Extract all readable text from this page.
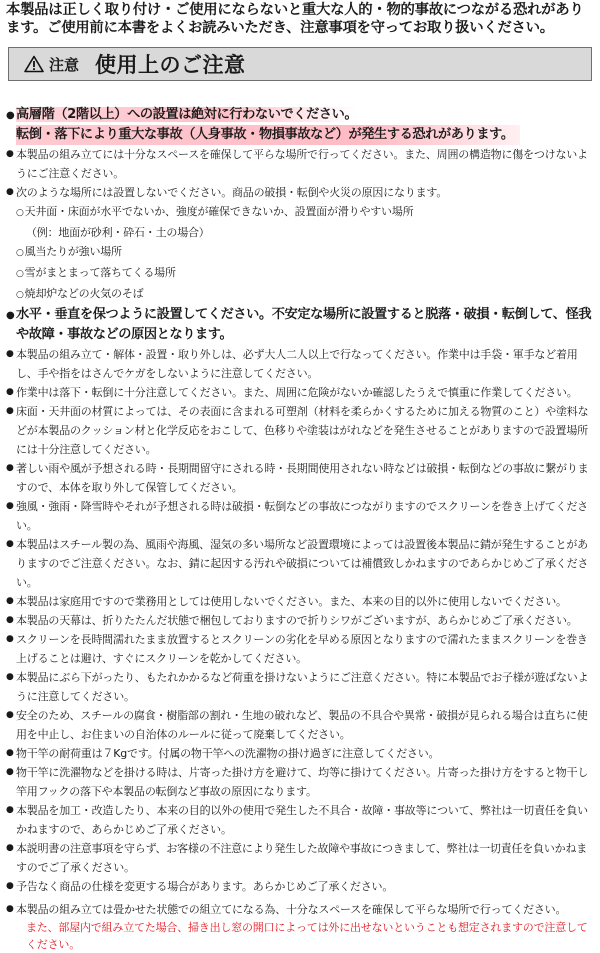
本製品は正しく取り付け・ご使用にならないと重大な人的・物的事故につながる恐れがあります。ご使用前に本書をよくお読みいただき、注意事項を守ってお取り扱いください。
注意 使用上のご注意
● 高層階（2階以上）への設置は絶対に行わないでください。
転倒・落下により重大な事故（人身事故・物損事故など）が発生する恐れがあります。
● 本製品の組み立てには十分なスペースを確保して平らな場所で行ってください。また、周囲の構造物に傷をつけないようにご注意ください。
● 次のような場所には設置しないでください。商品の破損・転倒や火災の原因になります。
○天井面・床面が水平でないか、強度が確保できないか、設置面が滑りやすい場所
（例：地面が砂利・砕石・土の場合）
○風当たりが強い場所
○雪がまとまって落ちてくる場所
○焼却炉などの火気のそば
● 水平・垂直を保つように設置してください。不安定な場所に設置すると脱落・破損・転倒して、怪我や故障・事故などの原因となります。
● 本製品の組み立て・解体・設置・取り外しは、必ず大人二人以上で行なってください。作業中は手袋・軍手など着用し、手や指をはさんでケガをしないように注意してください。
● 作業中は落下・転倒に十分注意してください。また、周囲に危険がないか確認したうえで慎重に作業してください。
● 床面・天井面の材質によっては、その表面に含まれる可塑剤（材料を柔らかくするために加える物質のこと）や塗料などが本製品のクッション材と化学反応をおこして、色移りや塗装はがれなどを発生させることがありますので設置場所には十分注意してください。
● 著しい雨や風が予想される時・長期間留守にされる時・長期間使用されない時などは破損・転倒などの事故に繋がりますので、本体を取り外して保管してください。
● 強風・強雨・降雪時やそれが予想される時は破損・転倒などの事故につながりますのでスクリーンを巻き上げてください。
● 本製品はスチール製の為、風雨や海風、湿気の多い場所など設置環境によっては設置後本製品に錆が発生することがありますのでご注意ください。なお、錆に起因する汚れや破損については補償致しかねますのであらかじめご了承ください。
● 本製品は家庭用ですので業務用としては使用しないでください。また、本来の目的以外に使用しないでください。
● 本製品の天幕は、折りたたんだ状態で梱包しておりますので折りシワがございますが、あらかじめご了承ください。
● スクリーンを長時間濡れたまま放置するとスクリーンの劣化を早める原因となりますので濡れたままスクリーンを巻き上げることは避け、すぐにスクリーンを乾かしてください。
● 本製品にぶら下がったり、もたれかかるなど荷重を掛けないようにご注意ください。特に本製品でお子様が遊ばないように注意してください。
● 安全のため、スチールの腐食・樹脂部の割れ・生地の破れなど、製品の不具合や異常・破損が見られる場合は直ちに使用を中止し、お住まいの自治体のルールに従って廃棄してください。
● 物干竿の耐荷重は７Kgです。付属の物干竿への洗濯物の掛け過ぎに注意してください。
● 物干竿に洗濯物などを掛ける時は、片寄った掛け方を避けて、均等に掛けてください。片寄った掛け方をすると物干し竿用フックの落下や本製品の転倒など事故の原因になります。
● 本製品を加工・改造したり、本来の目的以外の使用で発生した不具合・故障・事故等について、弊社は一切責任を負いかねますので、あらかじめご了承ください。
● 本説明書の注意事項を守らず、お客様の不注意により発生した故障や事故につきまして、弊社は一切責任を負いかねますのでご了承ください。
● 予告なく商品の仕様を変更する場合があります。あらかじめご了承ください。
● 本製品の組み立ては畳かせた状態での組立てになる為、十分なスペースを確保して平らな場所で行ってください。
また、部屋内で組み立てた場合、掃き出し窓の開口によっては外に出せないということも想定されますので注意してください。
